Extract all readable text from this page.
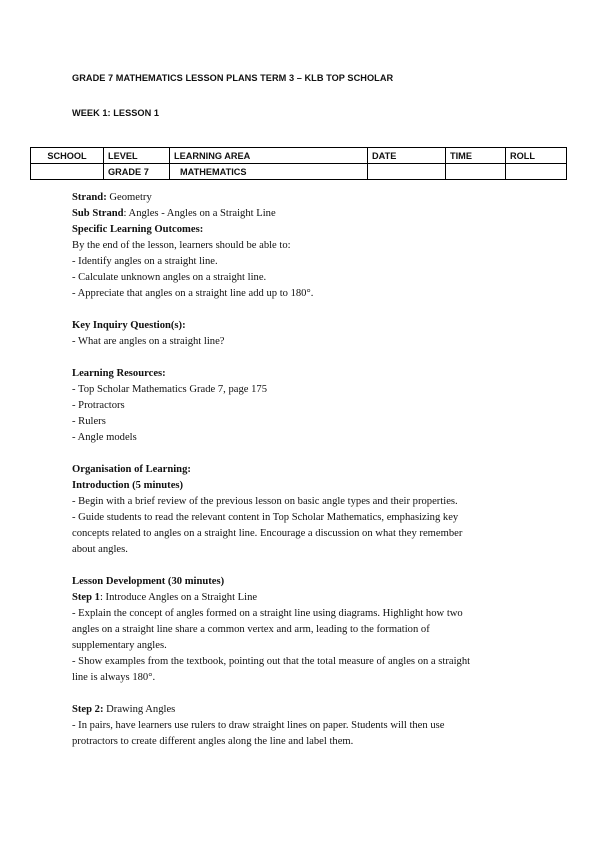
GRADE 7 MATHEMATICS LESSON PLANS TERM 3 – KLB TOP SCHOLAR
WEEK 1: LESSON 1
SCHOOL	LEVEL	LEARNING AREA	DATE	TIME	ROLL
	GRADE 7	MATHEMATICS			

Strand: Geometry

Sub Strand: Angles - Angles on a Straight Line

Specific Learning Outcomes:

By the end of the lesson, learners should be able to:

- Identify angles on a straight line.

- Calculate unknown angles on a straight line.

- Appreciate that angles on a straight line add up to 180°.

Key Inquiry Question(s):

- What are angles on a straight line?

Learning Resources:

- Top Scholar Mathematics Grade 7, page 175

- Protractors

- Rulers

- Angle models

Organisation of Learning:

Introduction (5 minutes)

- Begin with a brief review of the previous lesson on basic angle types and their properties.

- Guide students to read the relevant content in Top Scholar Mathematics, emphasizing key

concepts related to angles on a straight line. Encourage a discussion on what they remember

about angles.

Lesson Development (30 minutes)

Step 1: Introduce Angles on a Straight Line

- Explain the concept of angles formed on a straight line using diagrams. Highlight how two

angles on a straight line share a common vertex and arm, leading to the formation of

supplementary angles.

- Show examples from the textbook, pointing out that the total measure of angles on a straight

line is always 180°.

Step 2: Drawing Angles

- In pairs, have learners use rulers to draw straight lines on paper. Students will then use

protractors to create different angles along the line and label them.
